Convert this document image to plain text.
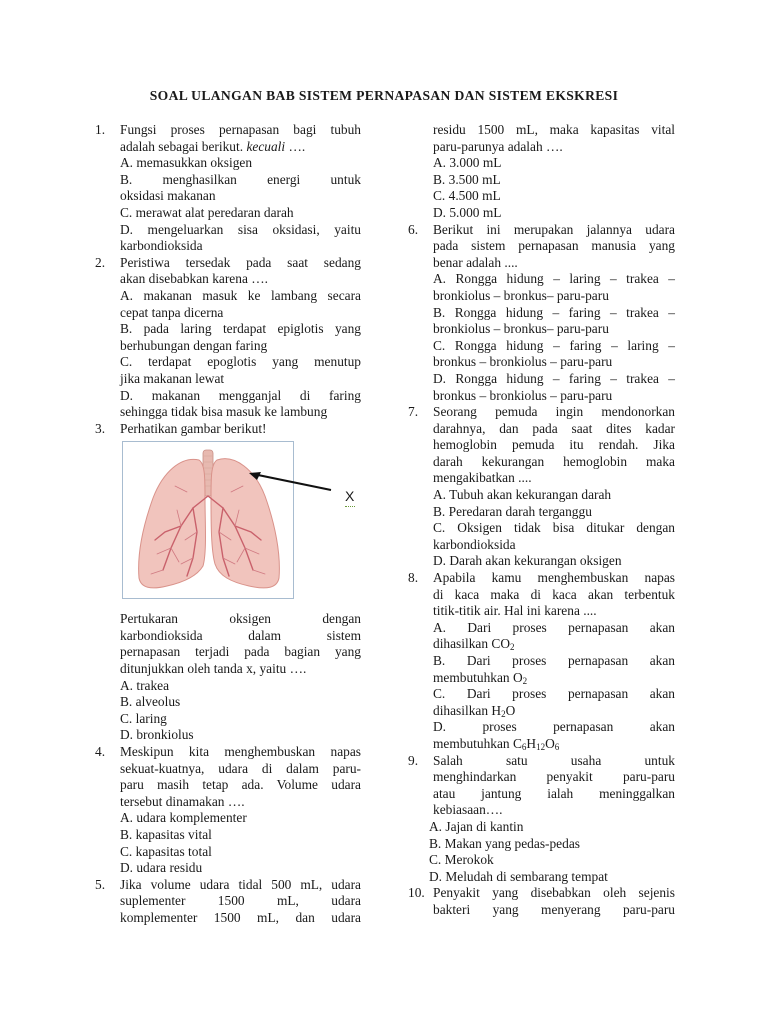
SOAL ULANGAN BAB SISTEM PERNAPASAN DAN SISTEM EKSKRESI
1. Fungsi proses pernapasan bagi tubuh
adalah sebagai berikut. kecuali ….
A. memasukkan oksigen
B. menghasilkan energi untuk
oksidasi makanan
C. merawat alat peredaran darah
D. mengeluarkan sisa oksidasi, yaitu
karbondioksida
2. Peristiwa tersedak pada saat sedang
akan disebabkan karena ….
A. makanan masuk ke lambang secara
cepat tanpa dicerna
B. pada laring terdapat epiglotis yang
berhubungan dengan faring
C. terdapat epoglotis yang menutup
jika makanan lewat
D. makanan mengganjal di faring
sehingga tidak bisa masuk ke lambung
3. Perhatikan gambar berikut!
X
Pertukaran oksigen dengan
karbondioksida dalam sistem
pernapasan terjadi pada bagian yang
ditunjukkan oleh tanda x, yaitu ….
A. trakea
B. alveolus
C. laring
D. bronkiolus
4. Meskipun kita menghembuskan napas
sekuat-kuatnya, udara di dalam paru-
paru masih tetap ada. Volume udara
tersebut dinamakan ….
A. udara komplementer
B. kapasitas vital
C. kapasitas total
D. udara residu
5. Jika volume udara tidal 500 mL, udara
suplementer 1500 mL, udara
komplementer 1500 mL, dan udara
residu 1500 mL, maka kapasitas vital
paru-parunya adalah ….
A. 3.000 mL
B. 3.500 mL
C. 4.500 mL
D. 5.000 mL
6. Berikut ini merupakan jalannya udara
pada sistem pernapasan manusia yang
benar adalah ....
A. Rongga hidung – laring – trakea –
bronkiolus – bronkus– paru-paru
B. Rongga hidung – faring – trakea –
bronkiolus – bronkus– paru-paru
C. Rongga hidung – faring – laring –
bronkus – bronkiolus – paru-paru
D. Rongga hidung – faring – trakea –
bronkus – bronkiolus – paru-paru
7. Seorang pemuda ingin mendonorkan
darahnya, dan pada saat dites kadar
hemoglobin pemuda itu rendah. Jika
darah kekurangan hemoglobin maka
mengakibatkan ....
A. Tubuh akan kekurangan darah
B. Peredaran darah terganggu
C. Oksigen tidak bisa ditukar dengan
karbondioksida
D. Darah akan kekurangan oksigen
8. Apabila kamu menghembuskan napas
di kaca maka di kaca akan terbentuk
titik-titik air. Hal ini karena ....
A. Dari proses pernapasan akan
dihasilkan $CO_2$
B. Dari proses pernapasan akan
membutuhkan $O_2$
C. Dari proses pernapasan akan
dihasilkan $H_2O$
D. proses pernapasan akan
membutuhkan $C_6H_{12}O_6$
9. Salah satu usaha untuk
menghindarkan penyakit paru-paru
atau jantung ialah meninggalkan
kebiasaan….
A. Jajan di kantin
B. Makan yang pedas-pedas
C. Merokok
D. Meludah di sembarang tempat
10. Penyakit yang disebabkan oleh sejenis
bakteri yang menyerang paru-paru
